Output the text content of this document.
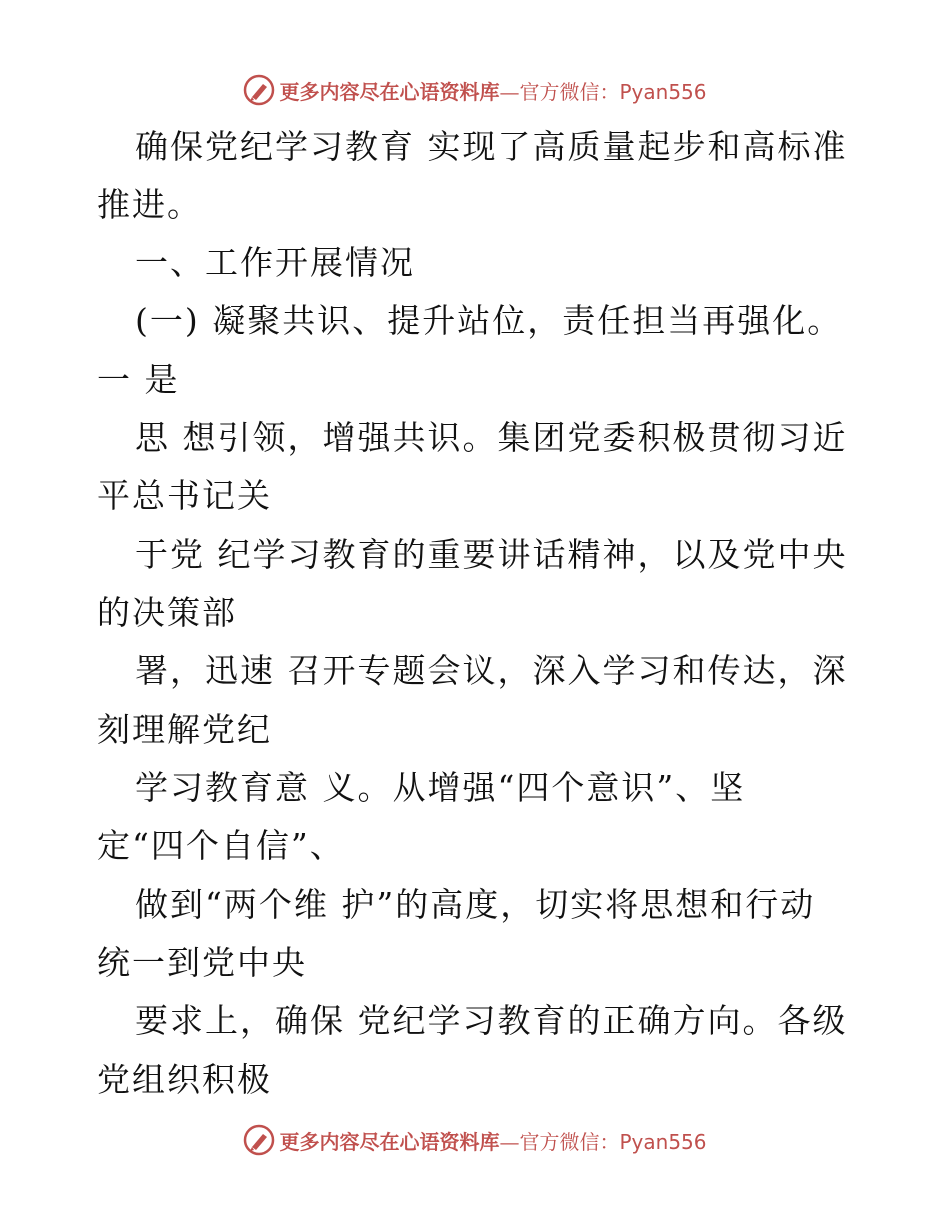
更多内容尽在心语资料库—官方微信：Pyan556
确保党纪学习教育 实现了高质量起步和高标准
推进。
一、工作开展情况
(一) 凝聚共识、提升站位，责任担当再强化。
一 是
思 想引领，增强共识。集团党委积极贯彻习近
平总书记关
于党 纪学习教育的重要讲话精神，以及党中央
的决策部
署，迅速 召开专题会议，深入学习和传达，深
刻理解党纪
学习教育意 义。从增强“四个意识”、坚
定“四个自信”、
做到“两个维 护”的高度，切实将思想和行动
统一到党中央
要求上，确保 党纪学习教育的正确方向。各级
党组织积极
更多内容尽在心语资料库—官方微信：Pyan556
